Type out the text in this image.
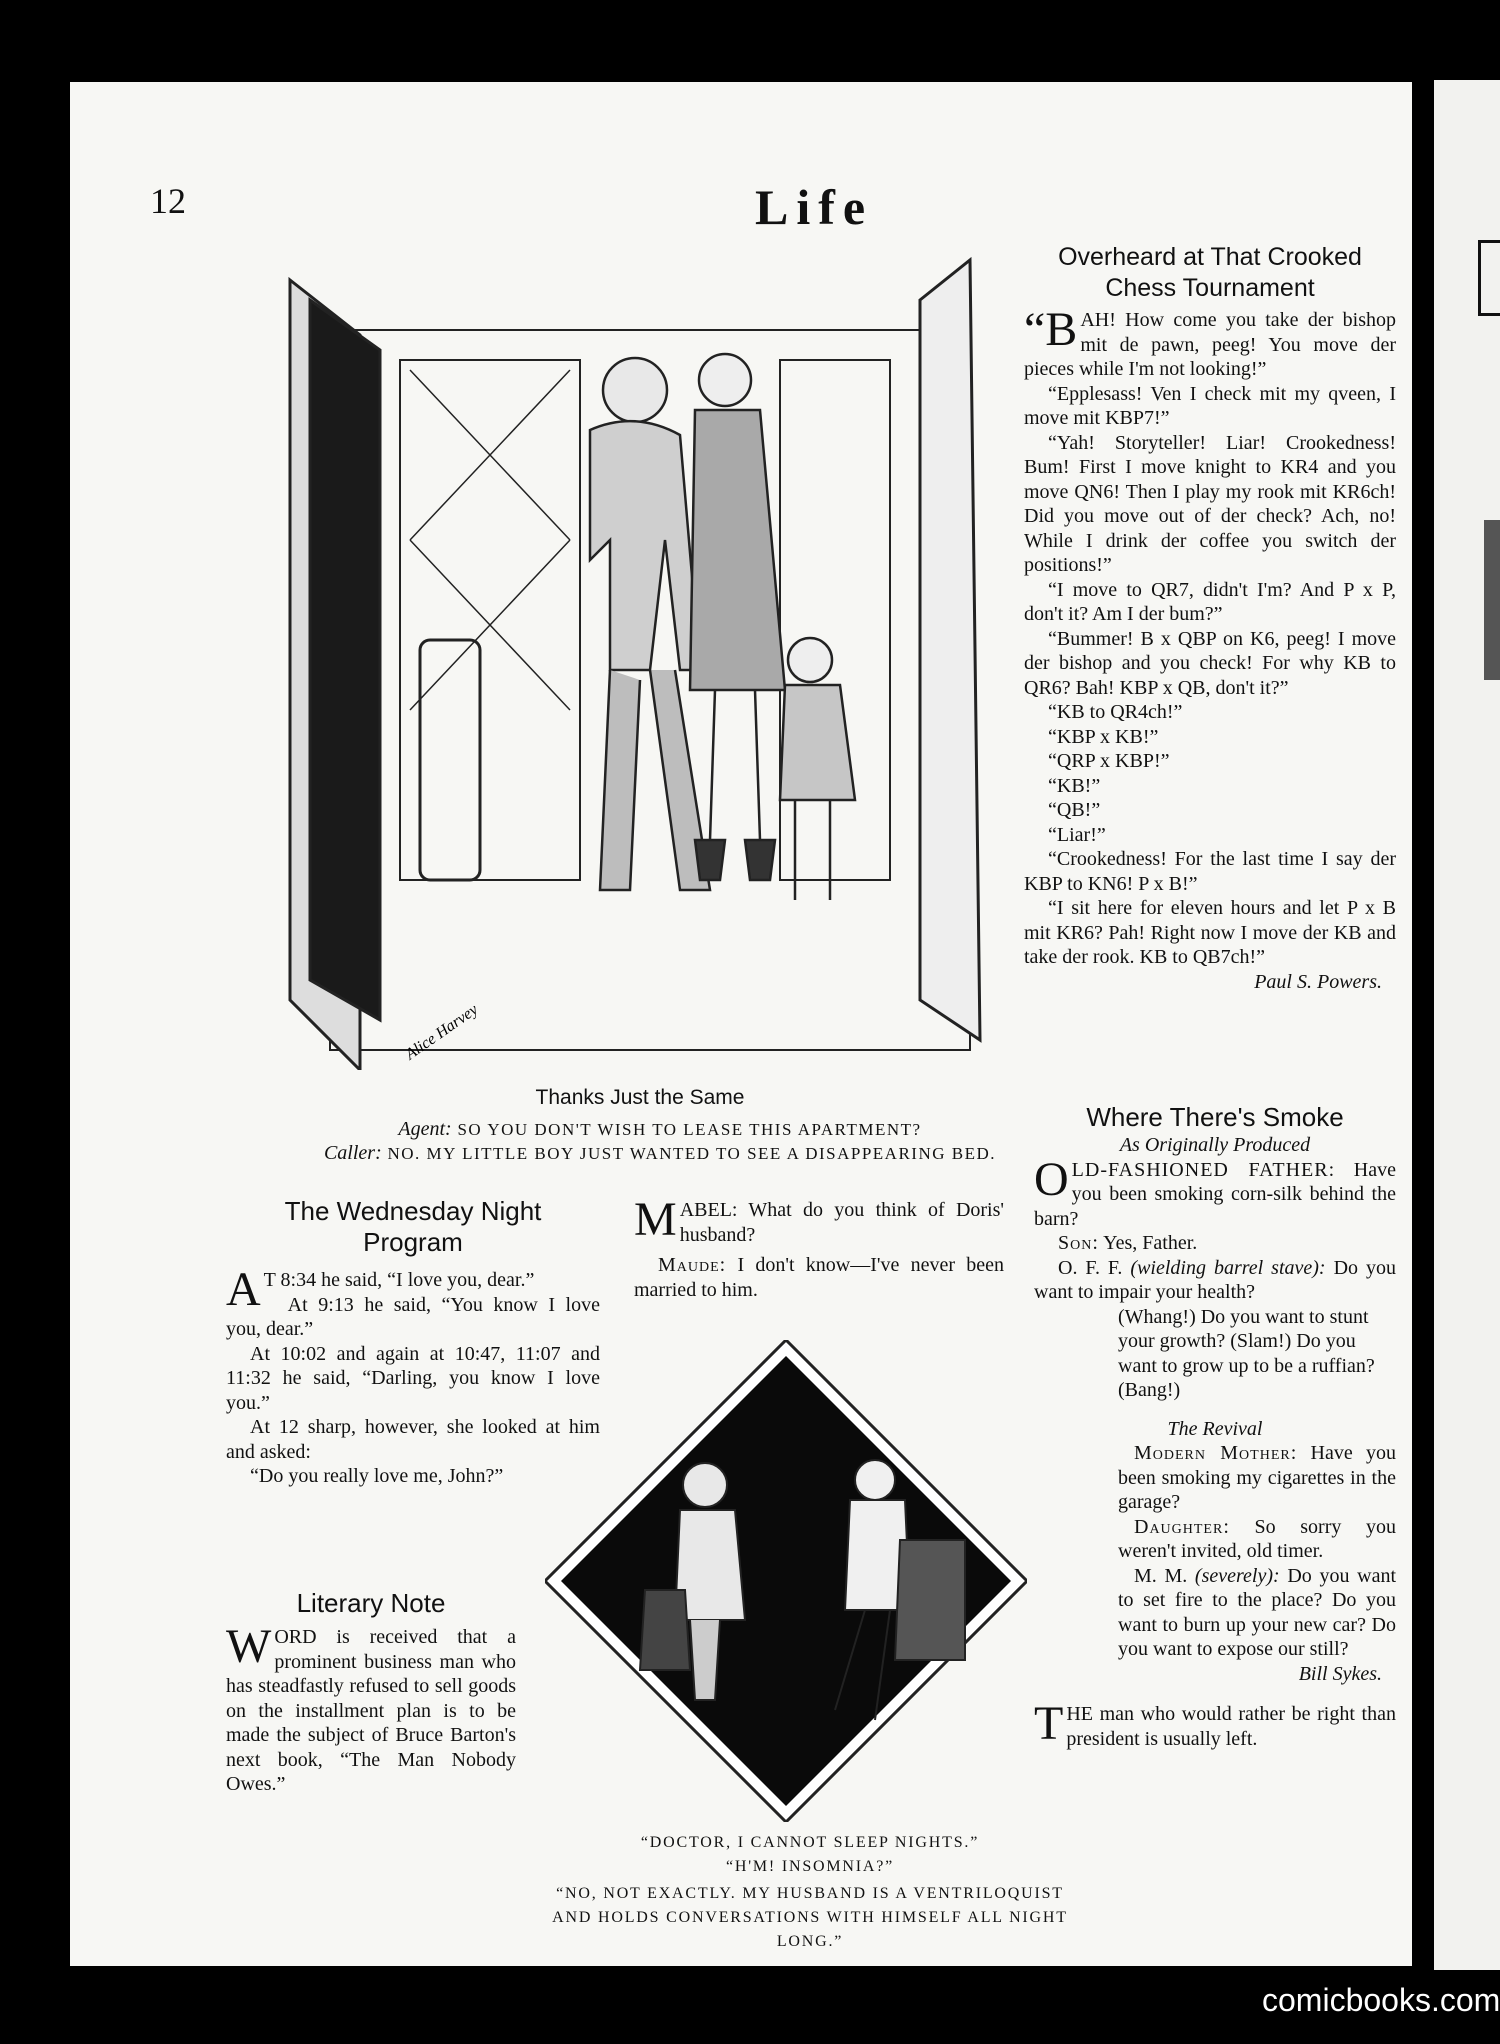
12	Life
Alice Harvey
Thanks Just the Same
Agent: SO YOU DON'T WISH TO LEASE THIS APARTMENT?
Caller: NO. MY LITTLE BOY JUST WANTED TO SEE A DISAPPEARING BED.
Overheard at That Crooked
Chess Tournament

“BAH! How come you take der bishop mit de pawn, peeg! You move der pieces while I'm not looking!”

“Epplesass! Ven I check mit my qveen, I move mit KBP7!”

“Yah! Storyteller! Liar! Crookedness! Bum! First I move knight to KR4 and you move QN6! Then I play my rook mit KR6ch! Did you move out of der check? Ach, no! While I drink der coffee you switch der positions!”

“I move to QR7, didn't I'm? And P x P, don't it? Am I der bum?”

“Bummer! B x QBP on K6, peeg! I move der bishop and you check! For why KB to QR6? Bah! KBP x QB, don't it?”

“KB to QR4ch!”

“KBP x KB!”

“QRP x KBP!”

“KB!”

“QB!”

“Liar!”

“Crookedness! For the last time I say der KBP to KN6! P x B!”

“I sit here for eleven hours and let P x B mit KR6? Pah! Right now I move der KB and take der rook. KB to QB7ch!”

Paul S. Powers.

Where There's Smoke
As Originally Produced

OLD-FASHIONED FATHER: Have you been smoking corn-silk behind the barn?

Son: Yes, Father.

O. F. F. (wielding barrel stave): Do you want to impair your health?

(Whang!) Do you want to stunt your growth? (Slam!) Do you want to grow up to be a ruffian? (Bang!)

The Revival

Modern Mother: Have you been smoking my cigarettes in the garage?

Daughter: So sorry you weren't invited, old timer.

M. M. (severely): Do you want to set fire to the place? Do you want to burn up your new car? Do you want to expose our still?

Bill Sykes.

THE man who would rather be right than president is usually left.

The Wednesday Night
Program

A T 8:34 he said, “I love you, dear.”

At 9:13 he said, “You know I love you, dear.”

At 10:02 and again at 10:47, 11:07 and 11:32 he said, “Darling, you know I love you.”

At 12 sharp, however, she looked at him and asked:

“Do you really love me, John?”

Literary Note

WORD is received that a prominent business man who has steadfastly refused to sell goods on the installment plan is to be made the subject of Bruce Barton's next book, “The Man Nobody Owes.”

MABEL: What do you think of Doris' husband?

Maude: I don't know—I've never been married to him.

“DOCTOR, I CANNOT SLEEP NIGHTS.”
“H'M! INSOMNIA?”
“NO, NOT EXACTLY. MY HUSBAND IS A VENTRILOQUIST AND HOLDS CONVERSATIONS WITH HIMSELF ALL NIGHT LONG.”
comicbooks.com
